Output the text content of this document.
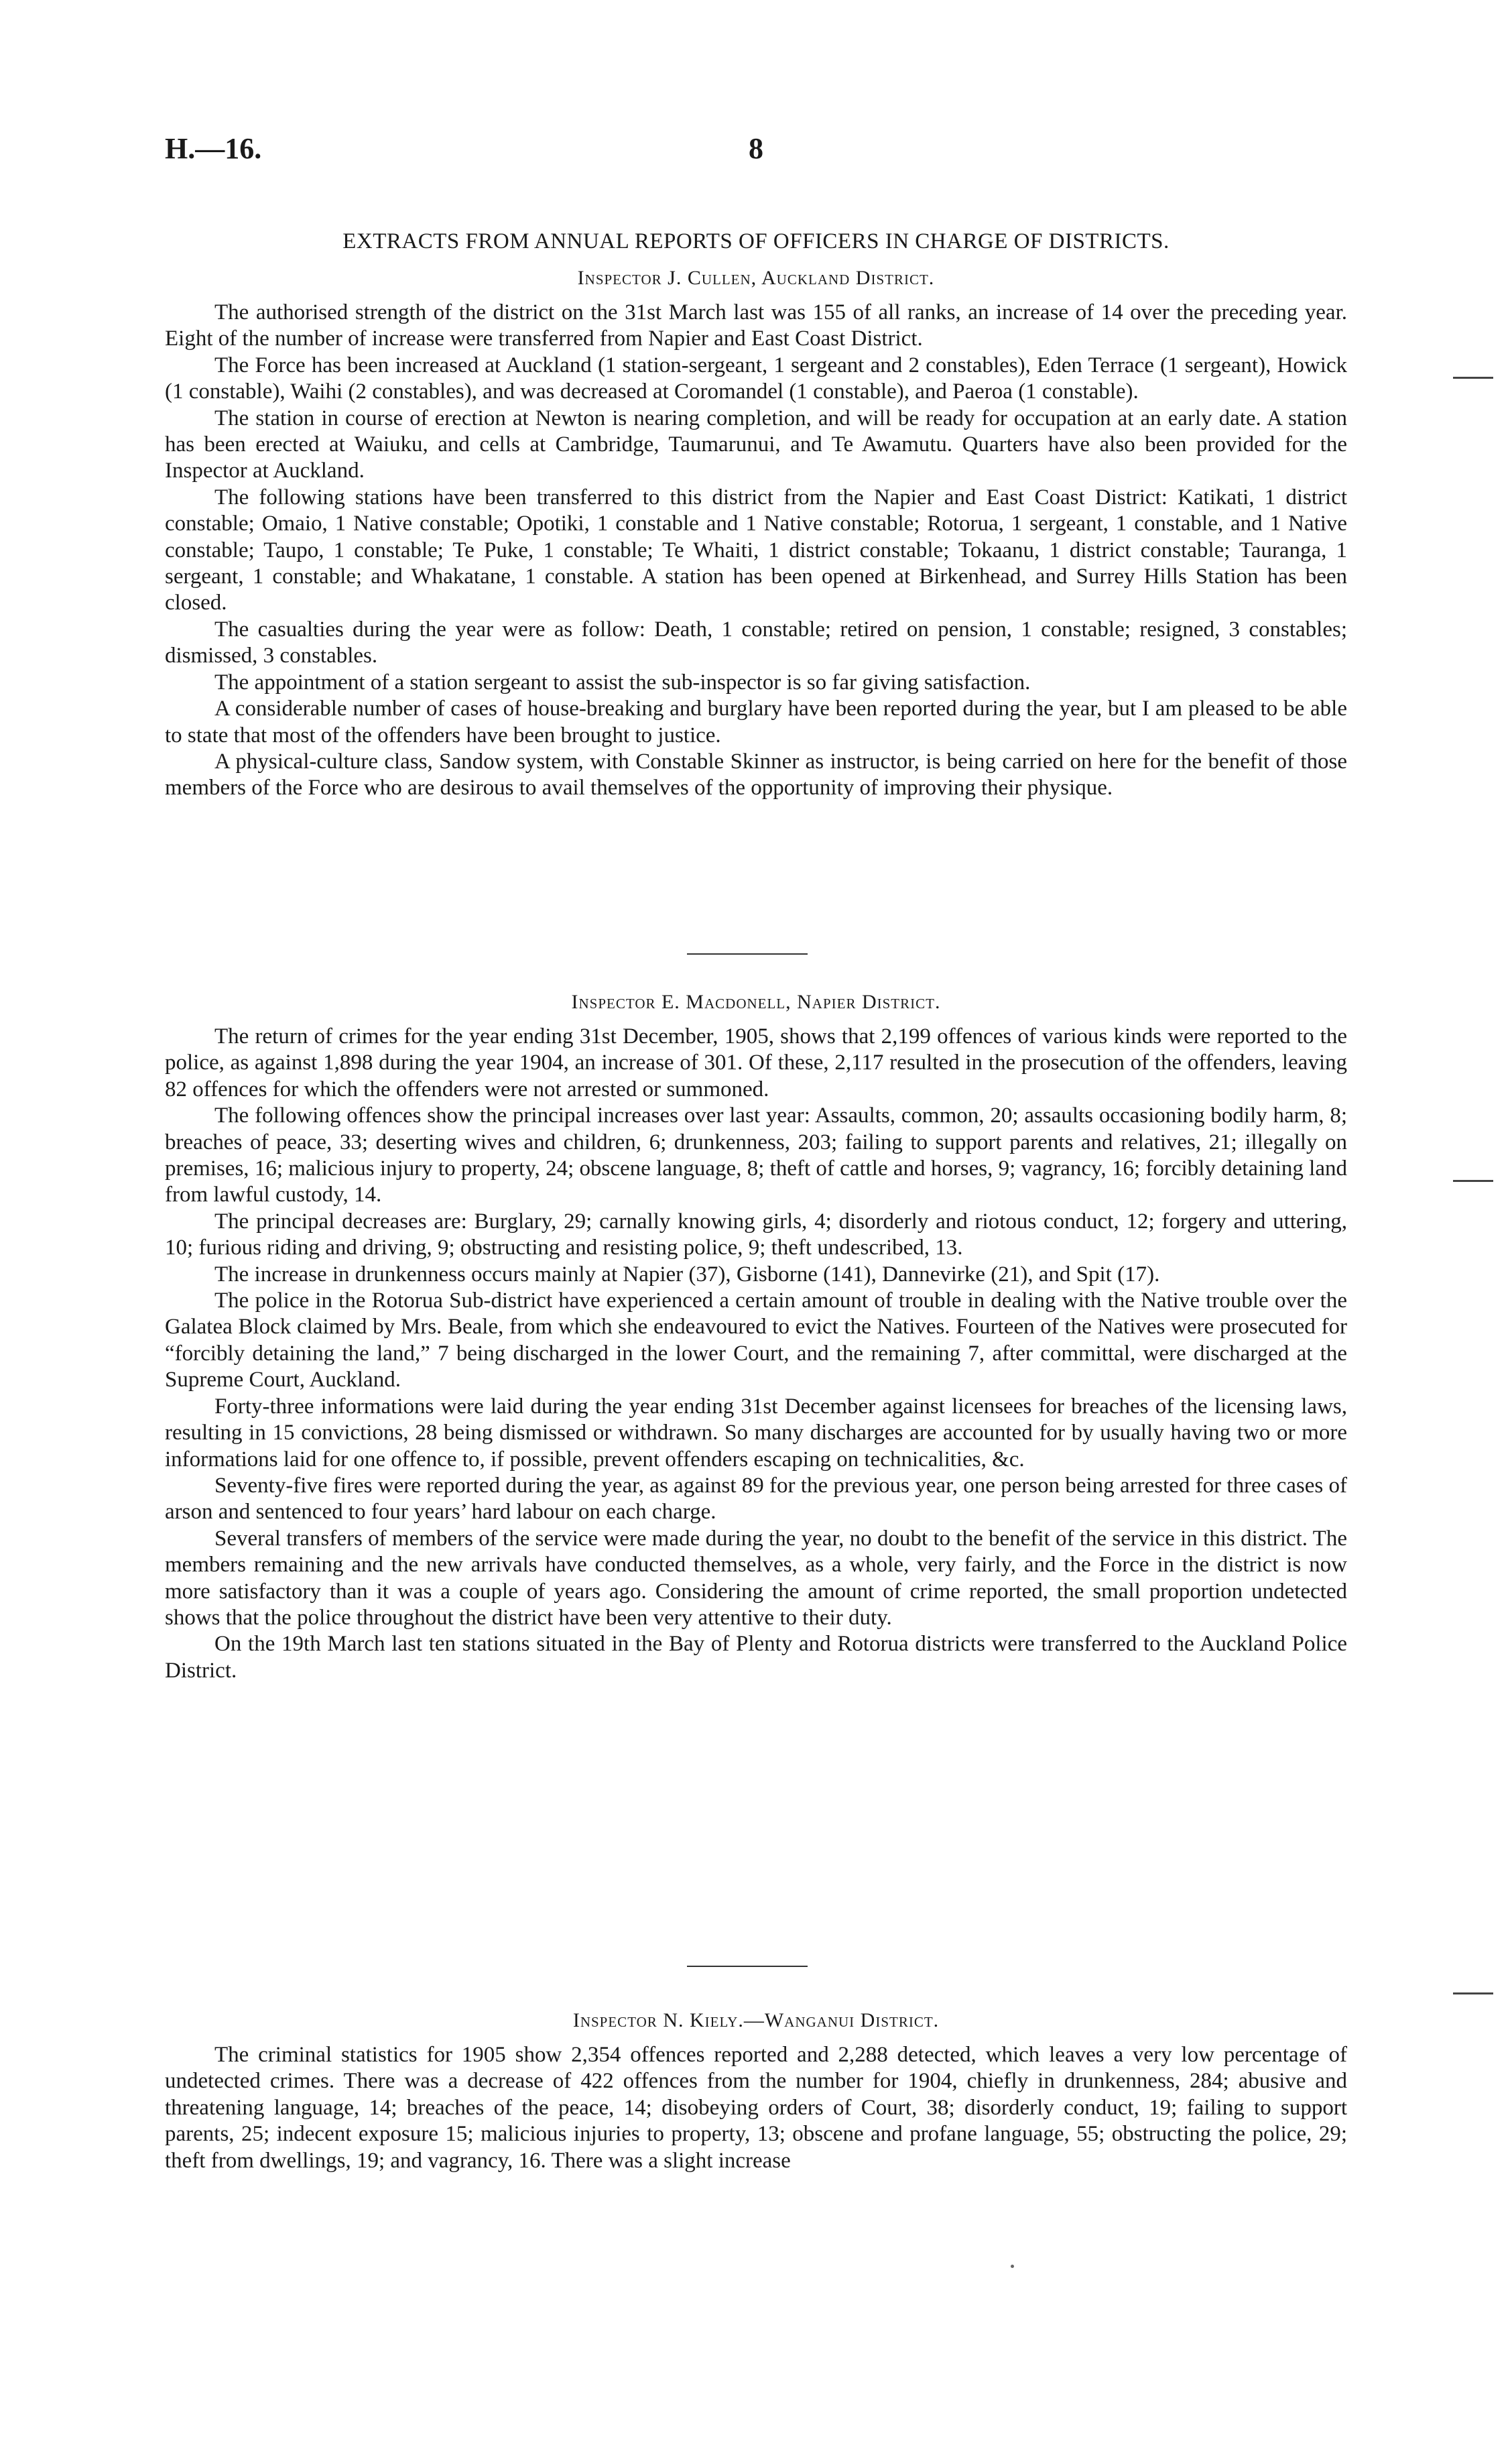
H.—16.	8
EXTRACTS FROM ANNUAL REPORTS OF OFFICERS IN CHARGE OF DISTRICTS.
Inspector J. Cullen, Auckland District.

The authorised strength of the district on the 31st March last was 155 of all ranks, an increase of 14 over the preceding year. Eight of the number of increase were transferred from Napier and East Coast District.

The Force has been increased at Auckland (1 station-sergeant, 1 sergeant and 2 constables), Eden Terrace (1 sergeant), Howick (1 constable), Waihi (2 constables), and was decreased at Coromandel (1 constable), and Paeroa (1 constable).

The station in course of erection at Newton is nearing completion, and will be ready for occupation at an early date. A station has been erected at Waiuku, and cells at Cambridge, Taumarunui, and Te Awamutu. Quarters have also been provided for the Inspector at Auckland.

The following stations have been transferred to this district from the Napier and East Coast District: Katikati, 1 district constable; Omaio, 1 Native constable; Opotiki, 1 constable and 1 Native constable; Rotorua, 1 sergeant, 1 constable, and 1 Native constable; Taupo, 1 constable; Te Puke, 1 constable; Te Whaiti, 1 district constable; Tokaanu, 1 district constable; Tauranga, 1 sergeant, 1 constable; and Whakatane, 1 constable. A station has been opened at Birkenhead, and Surrey Hills Station has been closed.

The casualties during the year were as follow: Death, 1 constable; retired on pension, 1 constable; resigned, 3 constables; dismissed, 3 constables.

The appointment of a station sergeant to assist the sub-inspector is so far giving satisfaction.

A considerable number of cases of house-breaking and burglary have been reported during the year, but I am pleased to be able to state that most of the offenders have been brought to justice.

A physical-culture class, Sandow system, with Constable Skinner as instructor, is being carried on here for the benefit of those members of the Force who are desirous to avail themselves of the opportunity of improving their physique.

Inspector E. Macdonell, Napier District.

The return of crimes for the year ending 31st December, 1905, shows that 2,199 offences of various kinds were reported to the police, as against 1,898 during the year 1904, an increase of 301. Of these, 2,117 resulted in the prosecution of the offenders, leaving 82 offences for which the offenders were not arrested or summoned.

The following offences show the principal increases over last year: Assaults, common, 20; assaults occasioning bodily harm, 8; breaches of peace, 33; deserting wives and children, 6; drunkenness, 203; failing to support parents and relatives, 21; illegally on premises, 16; malicious injury to property, 24; obscene language, 8; theft of cattle and horses, 9; vagrancy, 16; forcibly detaining land from lawful custody, 14.

The principal decreases are: Burglary, 29; carnally knowing girls, 4; disorderly and riotous conduct, 12; forgery and uttering, 10; furious riding and driving, 9; obstructing and resisting police, 9; theft undescribed, 13.

The increase in drunkenness occurs mainly at Napier (37), Gisborne (141), Dannevirke (21), and Spit (17).

The police in the Rotorua Sub-district have experienced a certain amount of trouble in dealing with the Native trouble over the Galatea Block claimed by Mrs. Beale, from which she endeavoured to evict the Natives. Fourteen of the Natives were prosecuted for “forcibly detaining the land,” 7 being discharged in the lower Court, and the remaining 7, after committal, were discharged at the Supreme Court, Auckland.

Forty-three informations were laid during the year ending 31st December against licensees for breaches of the licensing laws, resulting in 15 convictions, 28 being dismissed or withdrawn. So many discharges are accounted for by usually having two or more informations laid for one offence to, if possible, prevent offenders escaping on technicalities, &c.

Seventy-five fires were reported during the year, as against 89 for the previous year, one person being arrested for three cases of arson and sentenced to four years’ hard labour on each charge.

Several transfers of members of the service were made during the year, no doubt to the benefit of the service in this district. The members remaining and the new arrivals have conducted themselves, as a whole, very fairly, and the Force in the district is now more satisfactory than it was a couple of years ago. Considering the amount of crime reported, the small proportion undetected shows that the police throughout the district have been very attentive to their duty.

On the 19th March last ten stations situated in the Bay of Plenty and Rotorua districts were transferred to the Auckland Police District.

Inspector N. Kiely.—Wanganui District.

The criminal statistics for 1905 show 2,354 offences reported and 2,288 detected, which leaves a very low percentage of undetected crimes. There was a decrease of 422 offences from the number for 1904, chiefly in drunkenness, 284; abusive and threatening language, 14; breaches of the peace, 14; disobeying orders of Court, 38; disorderly conduct, 19; failing to support parents, 25; indecent exposure 15; malicious injuries to property, 13; obscene and profane language, 55; obstructing the police, 29; theft from dwellings, 19; and vagrancy, 16. There was a slight increase
